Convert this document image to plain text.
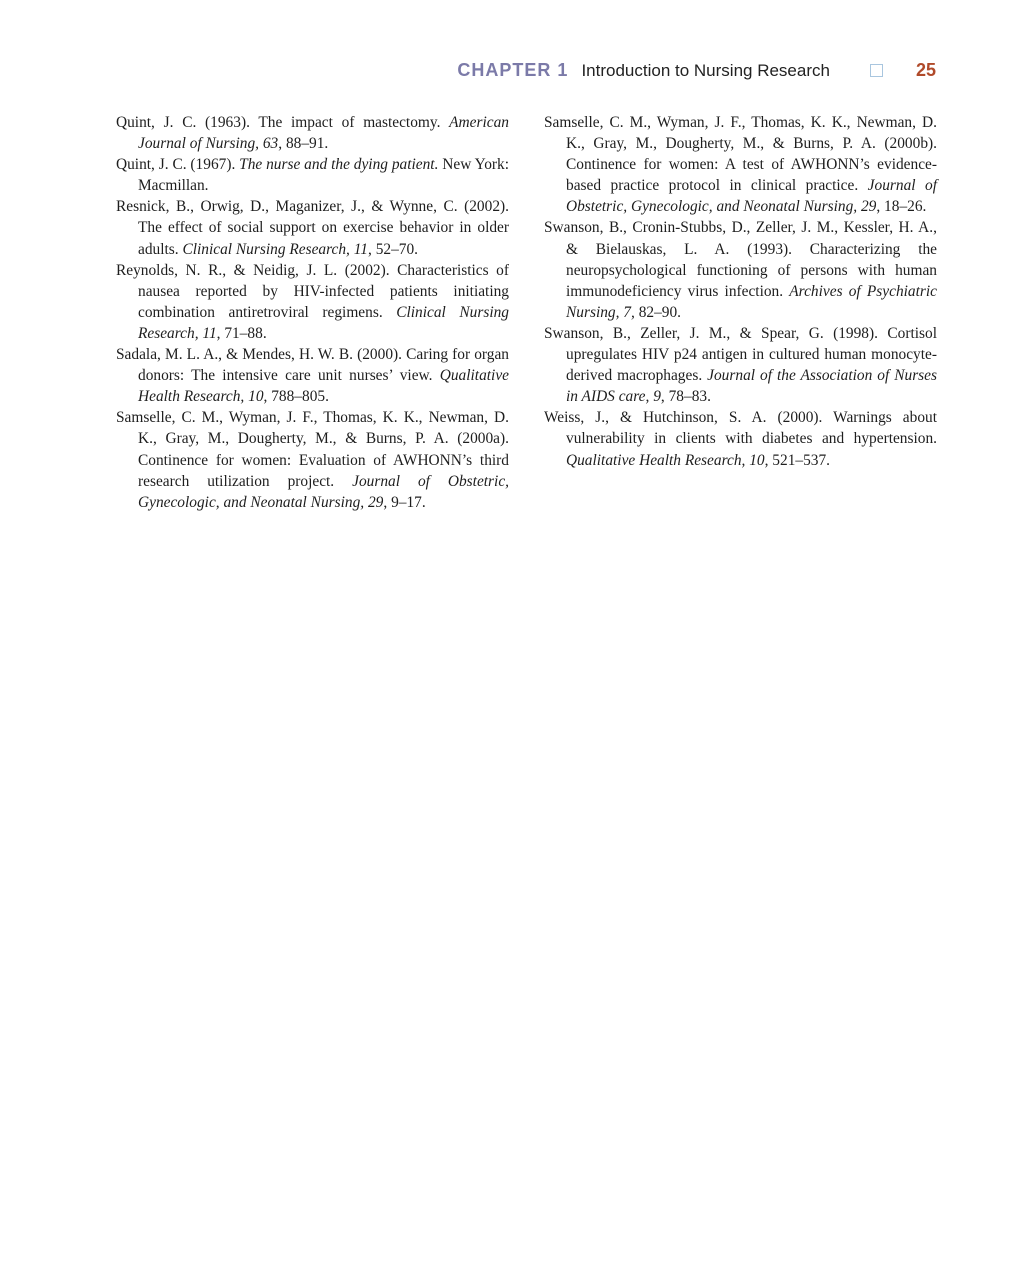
CHAPTER 1 Introduction to Nursing Research	25

Quint, J. C. (1963). The impact of mastectomy. American Journal of Nursing, 63, 88–91.

Quint, J. C. (1967). The nurse and the dying patient. New York: Macmillan.

Resnick, B., Orwig, D., Maganizer, J., & Wynne, C. (2002). The effect of social support on exercise behavior in older adults. Clinical Nursing Research, 11, 52–70.

Reynolds, N. R., & Neidig, J. L. (2002). Characteristics of nausea reported by HIV-infected patients initiating combination antiretroviral regimens. Clinical Nursing Research, 11, 71–88.

Sadala, M. L. A., & Mendes, H. W. B. (2000). Caring for organ donors: The intensive care unit nurses’ view. Qualitative Health Research, 10, 788–805.

Samselle, C. M., Wyman, J. F., Thomas, K. K., Newman, D. K., Gray, M., Dougherty, M., & Burns, P. A. (2000a). Continence for women: Evaluation of AWHONN’s third research utilization project. Journal of Obstetric, Gynecologic, and Neonatal Nursing, 29, 9–17.

Samselle, C. M., Wyman, J. F., Thomas, K. K., Newman, D. K., Gray, M., Dougherty, M., & Burns, P. A. (2000b). Continence for women: A test of AWHONN’s evidence-based practice protocol in clinical practice. Journal of Obstetric, Gynecologic, and Neonatal Nursing, 29, 18–26.

Swanson, B., Cronin-Stubbs, D., Zeller, J. M., Kessler, H. A., & Bielauskas, L. A. (1993). Characterizing the neuropsychological functioning of persons with human immunodeficiency virus infection. Archives of Psychiatric Nursing, 7, 82–90.

Swanson, B., Zeller, J. M., & Spear, G. (1998). Cortisol upregulates HIV p24 antigen in cultured human monocyte-derived macrophages. Journal of the Association of Nurses in AIDS care, 9, 78–83.

Weiss, J., & Hutchinson, S. A. (2000). Warnings about vulnerability in clients with diabetes and hypertension. Qualitative Health Research, 10, 521–537.
